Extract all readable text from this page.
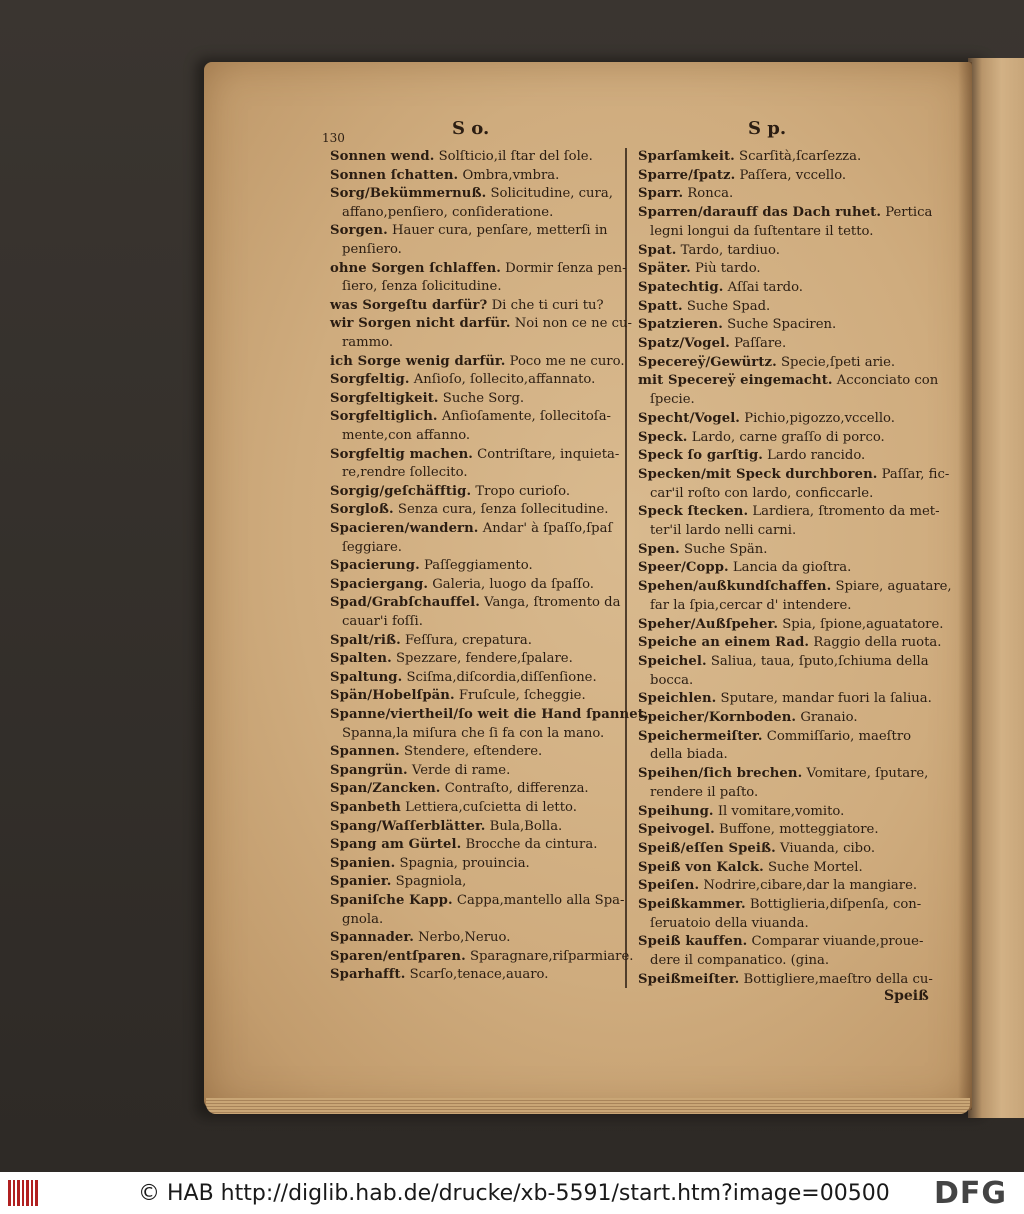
130	S o.	S p.
Sonnen wend. Solſticio,il ſtar del ſole.
Sonnen ſchatten. Ombra,vmbra.
Sorg/Bekümmernuß. Solicitudine, cura,
affano,penſiero, conſideratione.
Sorgen. Hauer cura, penſare, metterſi in
penſiero.
ohne Sorgen ſchlaffen. Dormir ſenza pen-
ſiero, ſenza ſolicitudine.
was Sorgeſtu darfür? Di che ti curi tu?
wir Sorgen nicht darfür. Noi non ce ne cu-
rammo.
ich Sorge wenig darfür. Poco me ne curo.
Sorgfeltig. Anſioſo, ſollecito,affannato.
Sorgfeltigkeit. Suche Sorg.
Sorgfeltiglich. Anſioſamente, ſollecitoſa-
mente,con affanno.
Sorgfeltig machen. Contriſtare, inquieta-
re,rendre ſollecito.
Sorgig/geſchäfftig. Tropo curioſo.
Sorgloß. Senza cura, ſenza ſollecitudine.
Spacieren/wandern. Andar' à ſpaſſo,ſpaſ
ſeggiare.
Spacierung. Paſſeggiamento.
Spaciergang. Galeria, luogo da ſpaſſo.
Spad/Grabſchauffel. Vanga, ſtromento da
cauar'i foſſi.
Spalt/riß. Feſſura, crepatura.
Spalten. Spezzare, fendere,ſpalare.
Spaltung. Sciſma,diſcordia,diſſenſione.
Spän/Hobelſpän. Fruſcule, ſcheggie.
Spanne/viertheil/ſo weit die Hand ſpannet.
Spanna,la miſura che ſi fa con la mano.
Spannen. Stendere, eſtendere.
Spangrün. Verde di rame.
Span/Zancken. Contraſto, differenza.
Spanbeth Lettiera,cuſcietta di letto.
Spang/Waſſerblätter. Bula,Bolla.
Spang am Gürtel. Brocche da cintura.
Spanien. Spagnia, prouincia.
Spanier. Spagniola,
Spaniſche Kapp. Cappa,mantello alla Spa-
gnola.
Spannader. Nerbo,Neruo.
Sparen/entſparen. Sparagnare,riſparmiare.
Sparhafft. Scarſo,tenace,auaro.
Sparſamkeit. Scarſità,ſcarſezza.
Sparre/ſpatz. Paſſera, vccello.
Sparr. Ronca.
Sparren/darauff das Dach ruhet. Pertica
legni longui da ſuſtentare il tetto.
Spat. Tardo, tardiuo.
Später. Più tardo.
Spatechtig. Aſſai tardo.
Spatt. Suche Spad.
Spatzieren. Suche Spaciren.
Spatz/Vogel. Paſſare.
Specereÿ/Gewürtz. Specie,ſpeti arie.
mit Specereÿ eingemacht. Acconciato con
ſpecie.
Specht/Vogel. Pichio,pigozzo,vccello.
Speck. Lardo, carne graſſo di porco.
Speck ſo garſtig. Lardo rancido.
Specken/mit Speck durchboren. Paſſar, fic-
car'il roſto con lardo, conficcarle.
Speck ſtecken. Lardiera, ſtromento da met-
ter'il lardo nelli carni.
Spen. Suche Spän.
Speer/Copp. Lancia da gioſtra.
Spehen/außkundſchaffen. Spiare, aguatare,
far la ſpia,cercar d' intendere.
Speher/Außſpeher. Spia, ſpione,aguatatore.
Speiche an einem Rad. Raggio della ruota.
Speichel. Saliua, taua, ſputo,ſchiuma della
bocca.
Speichlen. Sputare, mandar fuori la ſaliua.
Speicher/Kornboden. Granaio.
Speichermeiſter. Commiſſario, maeſtro
della biada.
Speihen/ſich brechen. Vomitare, ſputare,
rendere il paſto.
Speihung. Il vomitare,vomito.
Speivogel. Buffone, motteggiatore.
Speiß/eſſen Speiß. Viuanda, cibo.
Speiß von Kalck. Suche Mortel.
Speiſen. Nodrire,cibare,dar la mangiare.
Speißkammer. Bottiglieria,diſpenſa, con-
ſeruatoio della viuanda.
Speiß kauffen. Comparar viuande,proue-
dere il companatico. (gina.
Speißmeiſter. Bottigliere,maeſtro della cu-
Speiß
© HAB http://diglib.hab.de/drucke/xb-5591/start.htm?image=00500 DFG
